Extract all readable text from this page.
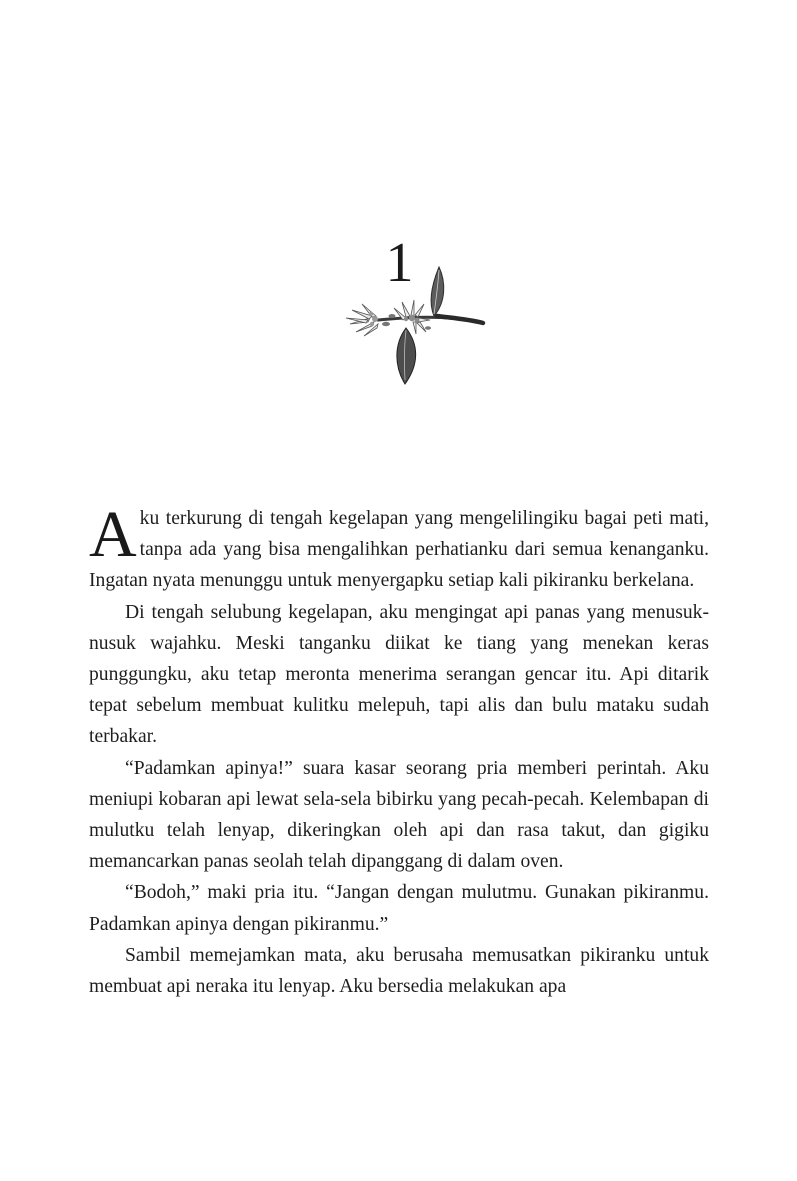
1

Aku terkurung di tengah kegelapan yang mengelilingiku bagai peti mati, tanpa ada yang bisa mengalihkan perhatianku dari semua kenanganku. Ingatan nyata menunggu untuk menyergapku setiap kali pikiranku berkelana.

Di tengah selubung kegelapan, aku mengingat api panas yang menusuk-nusuk wajahku. Meski tanganku diikat ke tiang yang menekan keras punggungku, aku tetap meronta menerima serangan gencar itu. Api ditarik tepat sebelum membuat kulitku melepuh, tapi alis dan bulu mataku sudah terbakar.

“Padamkan apinya!” suara kasar seorang pria memberi perintah. Aku meniupi kobaran api lewat sela-sela bibirku yang pecah-pecah. Kelembapan di mulutku telah lenyap, dikeringkan oleh api dan rasa takut, dan gigiku memancarkan panas seolah telah dipanggang di dalam oven.

“Bodoh,” maki pria itu. “Jangan dengan mulutmu. Gunakan pikiranmu. Padamkan apinya dengan pikiranmu.”

Sambil memejamkan mata, aku berusaha memusatkan pikiranku untuk membuat api neraka itu lenyap. Aku bersedia melakukan apa
